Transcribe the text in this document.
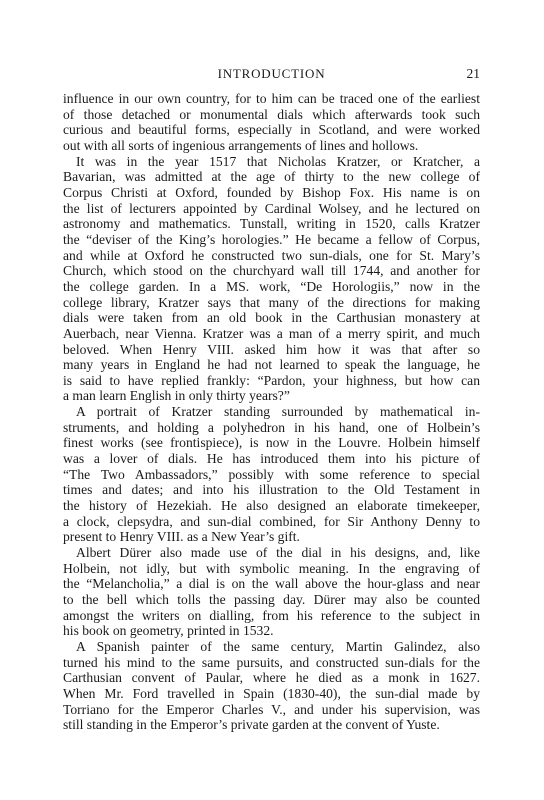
INTRODUCTION	21

influence in our own country, for to him can be traced one of the earliest
of those detached or monumental dials which afterwards took such
curious and beautiful forms, especially in Scotland, and were worked
out with all sorts of ingenious arrangements of lines and hollows.

It was in the year 1517 that Nicholas Kratzer, or Kratcher, a
Bavarian, was admitted at the age of thirty to the new college of
Corpus Christi at Oxford, founded by Bishop Fox. His name is on
the list of lecturers appointed by Cardinal Wolsey, and he lectured on
astronomy and mathematics. Tunstall, writing in 1520, calls Kratzer
the “deviser of the King’s horologies.” He became a fellow of Corpus,
and while at Oxford he constructed two sun-dials, one for St. Mary’s
Church, which stood on the churchyard wall till 1744, and another for
the college garden. In a MS. work, “De Horologiis,” now in the
college library, Kratzer says that many of the directions for making
dials were taken from an old book in the Carthusian monastery at
Auerbach, near Vienna. Kratzer was a man of a merry spirit, and much
beloved. When Henry VIII. asked him how it was that after so
many years in England he had not learned to speak the language, he
is said to have replied frankly: “Pardon, your highness, but how can
a man learn English in only thirty years?”

A portrait of Kratzer standing surrounded by mathematical in-
struments, and holding a polyhedron in his hand, one of Holbein’s
finest works (see frontispiece), is now in the Louvre. Holbein himself
was a lover of dials. He has introduced them into his picture of
“The Two Ambassadors,” possibly with some reference to special
times and dates; and into his illustration to the Old Testament in
the history of Hezekiah. He also designed an elaborate timekeeper,
a clock, clepsydra, and sun-dial combined, for Sir Anthony Denny to
present to Henry VIII. as a New Year’s gift.

Albert Dürer also made use of the dial in his designs, and, like
Holbein, not idly, but with symbolic meaning. In the engraving of
the “Melancholia,” a dial is on the wall above the hour-glass and near
to the bell which tolls the passing day. Dürer may also be counted
amongst the writers on dialling, from his reference to the subject in
his book on geometry, printed in 1532.

A Spanish painter of the same century, Martin Galindez, also
turned his mind to the same pursuits, and constructed sun-dials for the
Carthusian convent of Paular, where he died as a monk in 1627.
When Mr. Ford travelled in Spain (1830-40), the sun-dial made by
Torriano for the Emperor Charles V., and under his supervision, was
still standing in the Emperor’s private garden at the convent of Yuste.
